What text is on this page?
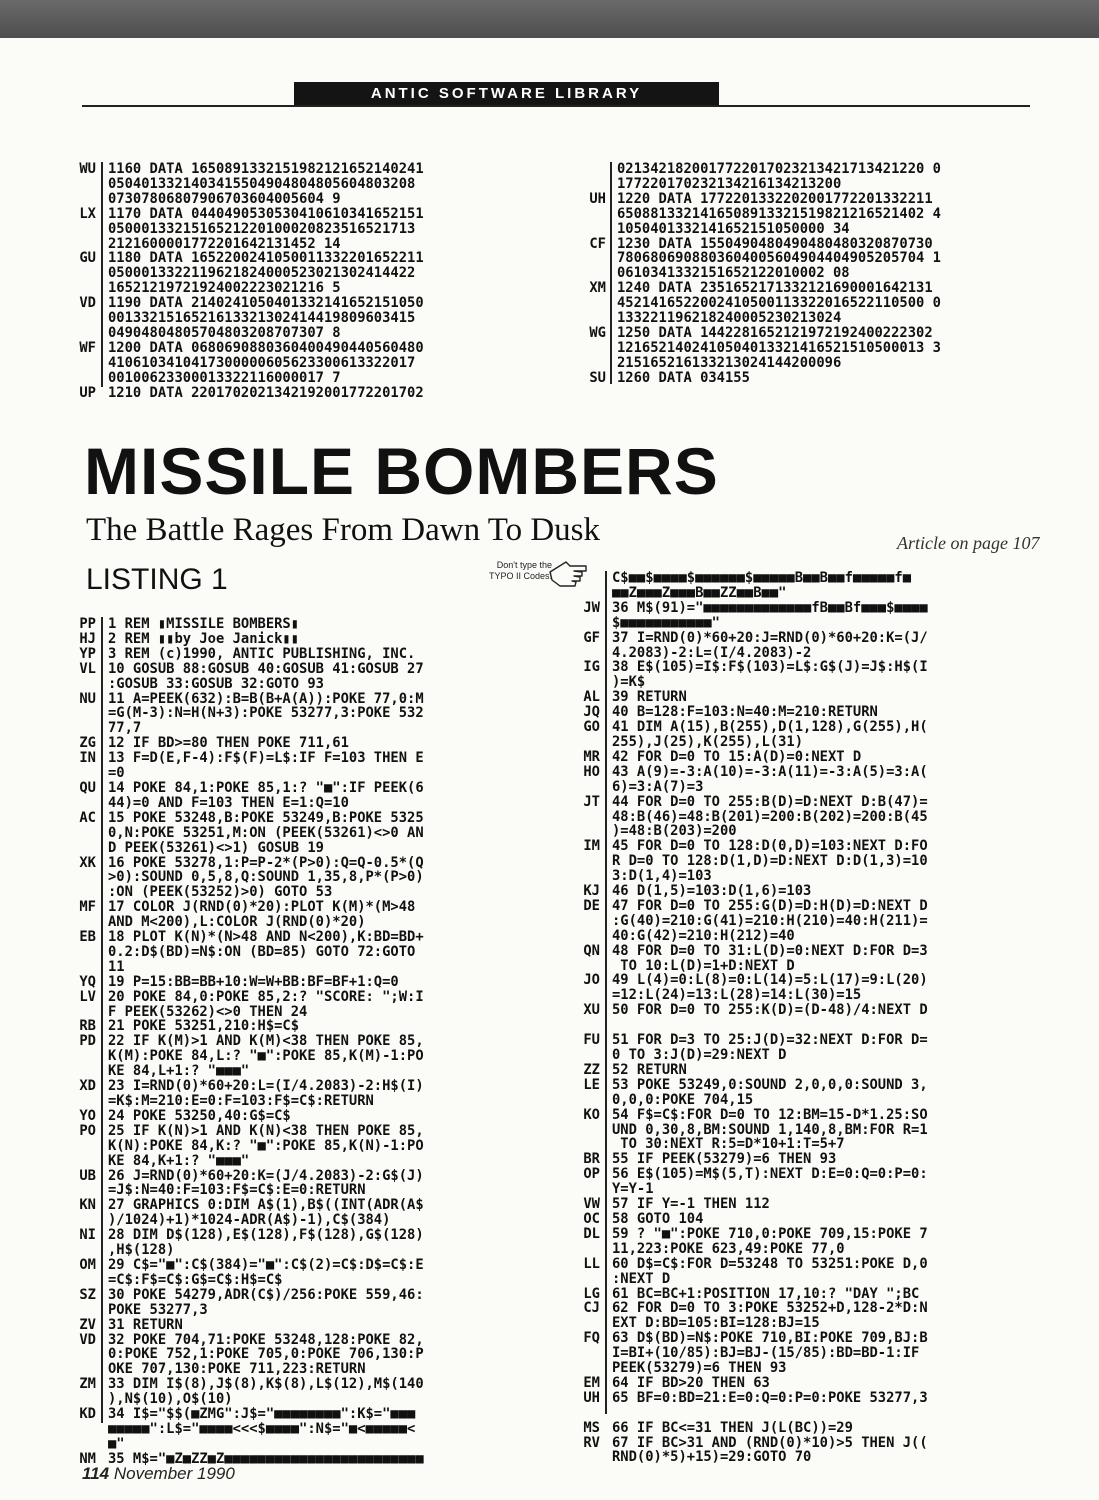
ANTIC SOFTWARE LIBRARY
WU

LX

GU

VD

WF

UP
1160 DATA 1650891332151982121652140241
0504013321403415504904804805604803208
07307806807906703604005604 9
1170 DATA 0440490530530410610341652151
0500013321516521220100020823516521713
2121600001772201642131452 14
1180 DATA 1652200241050011332201652211
0500013322119621824000523021302414422
16521219721924002223021216 5
1190 DATA 2140241050401332141652151050
0013321516521613321302414419809603415
04904804805704803208707307 8
1200 DATA 0680690880360400490440560480
4106103410417300000605623300613322017
00100623300013322116000017 7
1210 DATA 2201702021342192001772201702

UH

CF

XM

WG

SU
0213421820017722017023213421713421220 0
177220170232134216134213200
1220 DATA 1772201332202001772201332211
6508813321416508913321519821216521402 4
1050401332141652151050000 34
1230 DATA 1550490480490480480320870730
7806806908803604005604904404905205704 1
0610341332151652122010002 08
1240 DATA 2351652171332121690001642131
4521416522002410500113322016522110500 0
133221196218240005230213024
1250 DATA 1442281652121972192400222302
1216521402410504013321416521510500013 3
215165216133213024144200096
1260 DATA 034155
MISSILE BOMBERS
The Battle Rages From Dawn To Dusk	Article on page 107
LISTING 1	Don't type the TYPO II Codes!
PP
HJ
YP
VL

NU

ZG
IN

QU

AC

XK

MF

EB

YQ
LV

RB
PD

XD

YO
PO

UB

KN

NI

OM

SZ

ZV
VD

ZM

KD

NM
1 REM ▮MISSILE BOMBERS▮
2 REM ▮▮by Joe Janick▮▮
3 REM (c)1990, ANTIC PUBLISHING, INC.
10 GOSUB 88:GOSUB 40:GOSUB 41:GOSUB 27
:GOSUB 33:GOSUB 32:GOTO 93
11 A=PEEK(632):B=B(B+A(A)):POKE 77,0:M
=G(M-3):N=H(N+3):POKE 53277,3:POKE 532
77,7
12 IF BD>=80 THEN POKE 711,61
13 F=D(E,F-4):F$(F)=L$:IF F=103 THEN E
=0
14 POKE 84,1:POKE 85,1:? "■":IF PEEK(6
44)=0 AND F=103 THEN E=1:Q=10
15 POKE 53248,B:POKE 53249,B:POKE 5325
0,N:POKE 53251,M:ON (PEEK(53261)<>0 AN
D PEEK(53261)<>1) GOSUB 19
16 POKE 53278,1:P=P-2*(P>0):Q=Q-0.5*(Q
>0):SOUND 0,5,8,Q:SOUND 1,35,8,P*(P>0)
:ON (PEEK(53252)>0) GOTO 53
17 COLOR J(RND(0)*20):PLOT K(M)*(M>48
AND M<200),L:COLOR J(RND(0)*20)
18 PLOT K(N)*(N>48 AND N<200),K:BD=BD+
0.2:D$(BD)=N$:ON (BD=85) GOTO 72:GOTO
11
19 P=15:BB=BB+10:W=W+BB:BF=BF+1:Q=0
20 POKE 84,0:POKE 85,2:? "SCORE: ";W:I
F PEEK(53262)<>0 THEN 24
21 POKE 53251,210:H$=C$
22 IF K(M)>1 AND K(M)<38 THEN POKE 85,
K(M):POKE 84,L:? "■":POKE 85,K(M)-1:PO
KE 84,L+1:? "■■■"
23 I=RND(0)*60+20:L=(I/4.2083)-2:H$(I)
=K$:M=210:E=0:F=103:F$=C$:RETURN
24 POKE 53250,40:G$=C$
25 IF K(N)>1 AND K(N)<38 THEN POKE 85,
K(N):POKE 84,K:? "■":POKE 85,K(N)-1:PO
KE 84,K+1:? "■■■"
26 J=RND(0)*60+20:K=(J/4.2083)-2:G$(J)
=J$:N=40:F=103:F$=C$:E=0:RETURN
27 GRAPHICS 0:DIM A$(1),B$((INT(ADR(A$
)/1024)+1)*1024-ADR(A$)-1),C$(384)
28 DIM D$(128),E$(128),F$(128),G$(128)
,H$(128)
29 C$="■":C$(384)="■":C$(2)=C$:D$=C$:E
=C$:F$=C$:G$=C$:H$=C$
30 POKE 54279,ADR(C$)/256:POKE 559,46:
POKE 53277,3
31 RETURN
32 POKE 704,71:POKE 53248,128:POKE 82,
0:POKE 752,1:POKE 705,0:POKE 706,130:P
OKE 707,130:POKE 711,223:RETURN
33 DIM I$(8),J$(8),K$(8),L$(12),M$(140
),N$(10),O$(10)
34 I$="$$(■ZMG":J$="■■■■■■■■":K$="■■■
■■■■■":L$="■■■■<<<$■■■■":N$="■<■■■■■<
■"
35 M$="■Z■ZZ■Z■■■■■■■■■■■■■■■■■■■■■■■■

JW

GF

IG

AL
JQ
GO

MR
HO

JT

IM

KJ
DE

QN

JO

XU

FU

ZZ
LE

KO

BR
OP

VW
OC
DL

LL

LG
CJ

FQ

EM
UH

MS
RV

C$■■$■■■■$■■■■■■$■■■■■B■■B■■f■■■■■f■
■■Z■■■Z■■■B■■ZZ■■B■■"
36 M$(91)="■■■■■■■■■■■■■fB■■Bf■■■$■■■■
$■■■■■■■■■■■"
37 I=RND(0)*60+20:J=RND(0)*60+20:K=(J/
4.2083)-2:L=(I/4.2083)-2
38 E$(105)=I$:F$(103)=L$:G$(J)=J$:H$(I
)=K$
39 RETURN
40 B=128:F=103:N=40:M=210:RETURN
41 DIM A(15),B(255),D(1,128),G(255),H(
255),J(25),K(255),L(31)
42 FOR D=0 TO 15:A(D)=0:NEXT D
43 A(9)=-3:A(10)=-3:A(11)=-3:A(5)=3:A(
6)=3:A(7)=3
44 FOR D=0 TO 255:B(D)=D:NEXT D:B(47)=
48:B(46)=48:B(201)=200:B(202)=200:B(45
)=48:B(203)=200
45 FOR D=0 TO 128:D(0,D)=103:NEXT D:FO
R D=0 TO 128:D(1,D)=D:NEXT D:D(1,3)=10
3:D(1,4)=103
46 D(1,5)=103:D(1,6)=103
47 FOR D=0 TO 255:G(D)=D:H(D)=D:NEXT D
:G(40)=210:G(41)=210:H(210)=40:H(211)=
40:G(42)=210:H(212)=40
48 FOR D=0 TO 31:L(D)=0:NEXT D:FOR D=3
TO 10:L(D)=1+D:NEXT D
49 L(4)=0:L(8)=0:L(14)=5:L(17)=9:L(20)
=12:L(24)=13:L(28)=14:L(30)=15
50 FOR D=0 TO 255:K(D)=(D-48)/4:NEXT D

51 FOR D=3 TO 25:J(D)=32:NEXT D:FOR D=
0 TO 3:J(D)=29:NEXT D
52 RETURN
53 POKE 53249,0:SOUND 2,0,0,0:SOUND 3,
0,0,0:POKE 704,15
54 F$=C$:FOR D=0 TO 12:BM=15-D*1.25:SO
UND 0,30,8,BM:SOUND 1,140,8,BM:FOR R=1
TO 30:NEXT R:5=D*10+1:T=5+7
55 IF PEEK(53279)=6 THEN 93
56 E$(105)=M$(5,T):NEXT D:E=0:Q=0:P=0:
Y=Y-1
57 IF Y=-1 THEN 112
58 GOTO 104
59 ? "■":POKE 710,0:POKE 709,15:POKE 7
11,223:POKE 623,49:POKE 77,0
60 D$=C$:FOR D=53248 TO 53251:POKE D,0
:NEXT D
61 BC=BC+1:POSITION 17,10:? "DAY ";BC
62 FOR D=0 TO 3:POKE 53252+D,128-2*D:N
EXT D:BD=105:BI=128:BJ=15
63 D$(BD)=N$:POKE 710,BI:POKE 709,BJ:B
I=BI+(10/85):BJ=BJ-(15/85):BD=BD-1:IF
PEEK(53279)=6 THEN 93
64 IF BD>20 THEN 63
65 BF=0:BD=21:E=0:Q=0:P=0:POKE 53277,3

66 IF BC<=31 THEN J(L(BC))=29
67 IF BC>31 AND (RND(0)*10)>5 THEN J((
RND(0)*5)+15)=29:GOTO 70
114 November 1990
